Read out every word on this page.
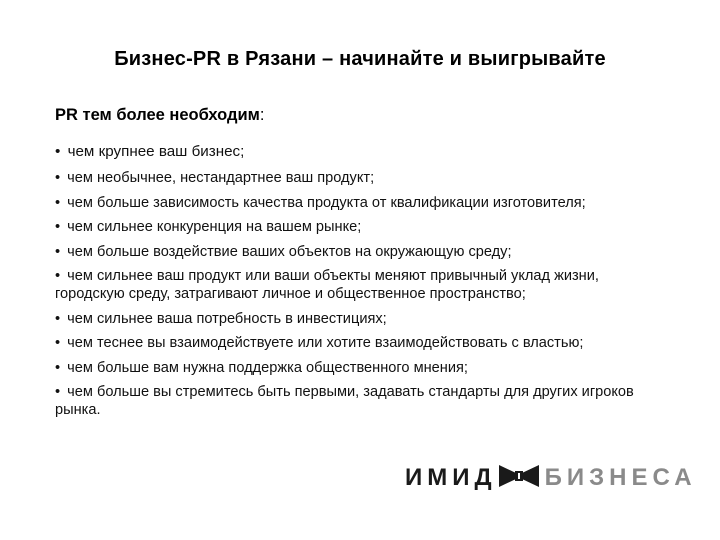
Бизнес-PR в Рязани – начинайте и выигрывайте
PR тем более необходим:
• чем крупнее ваш бизнес;
• чем необычнее, нестандартнее ваш продукт;
• чем больше зависимость качества продукта от квалификации изготовителя;
• чем сильнее конкуренция на вашем рынке;
• чем больше воздействие ваших объектов на окружающую среду;
• чем сильнее ваш продукт или ваши объекты меняют привычный уклад жизни, городскую среду, затрагивают личное и общественное пространство;
• чем сильнее ваша потребность в инвестициях;
• чем теснее вы взаимодействуете или хотите взаимодействовать с властью;
• чем больше вам нужна поддержка общественного мнения;
• чем больше вы стремитесь быть первыми, задавать стандарты для других игроков рынка.
ИМИД БИЗНЕСА
